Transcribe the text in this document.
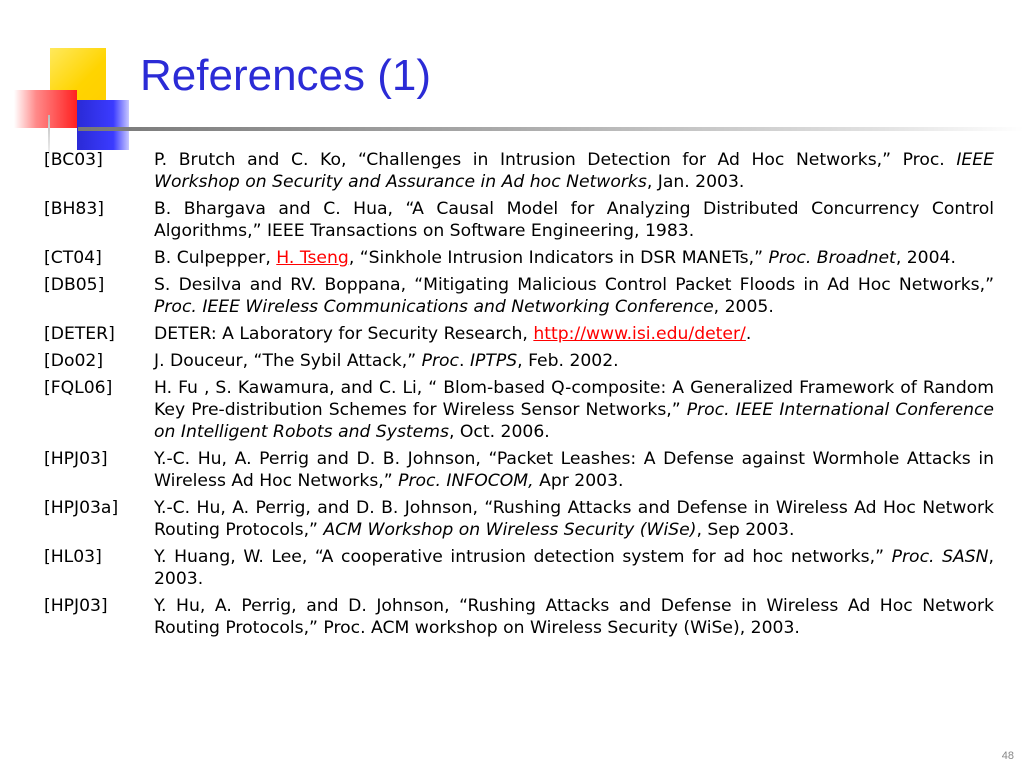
References (1)
[BC03]	P. Brutch and C. Ko, “Challenges in Intrusion Detection for Ad Hoc Networks,” Proc. IEEE Workshop on Security and Assurance in Ad hoc Networks, Jan. 2003.
[BH83]	B. Bhargava and C. Hua, “A Causal Model for Analyzing Distributed Concurrency Control Algorithms,” IEEE Transactions on Software Engineering, 1983.
[CT04]	B. Culpepper, H. Tseng, “Sinkhole Intrusion Indicators in DSR MANETs,” Proc. Broadnet, 2004.
[DB05]	S. Desilva and RV. Boppana, “Mitigating Malicious Control Packet Floods in Ad Hoc Networks,” Proc. IEEE Wireless Communications and Networking Conference, 2005.
[DETER]	DETER: A Laboratory for Security Research, http://www.isi.edu/deter/.
[Do02]	J. Douceur, “The Sybil Attack,” Proc. IPTPS, Feb. 2002.
[FQL06]	H. Fu , S. Kawamura, and C. Li, “ Blom-based Q-composite: A Generalized Framework of Random Key Pre-distribution Schemes for Wireless Sensor Networks,” Proc. IEEE International Conference on Intelligent Robots and Systems, Oct. 2006.
[HPJ03]	Y.-C. Hu, A. Perrig and D. B. Johnson, “Packet Leashes: A Defense against Wormhole Attacks in Wireless Ad Hoc Networks,” Proc. INFOCOM, Apr 2003.
[HPJ03a]	Y.-C. Hu, A. Perrig, and D. B. Johnson, “Rushing Attacks and Defense in Wireless Ad Hoc Network Routing Protocols,” ACM Workshop on Wireless Security (WiSe), Sep 2003.
[HL03]	Y. Huang, W. Lee, “A cooperative intrusion detection system for ad hoc networks,” Proc. SASN, 2003.
[HPJ03]	Y. Hu, A. Perrig, and D. Johnson, “Rushing Attacks and Defense in Wireless Ad Hoc Network Routing Protocols,” Proc. ACM workshop on Wireless Security (WiSe), 2003.
48
